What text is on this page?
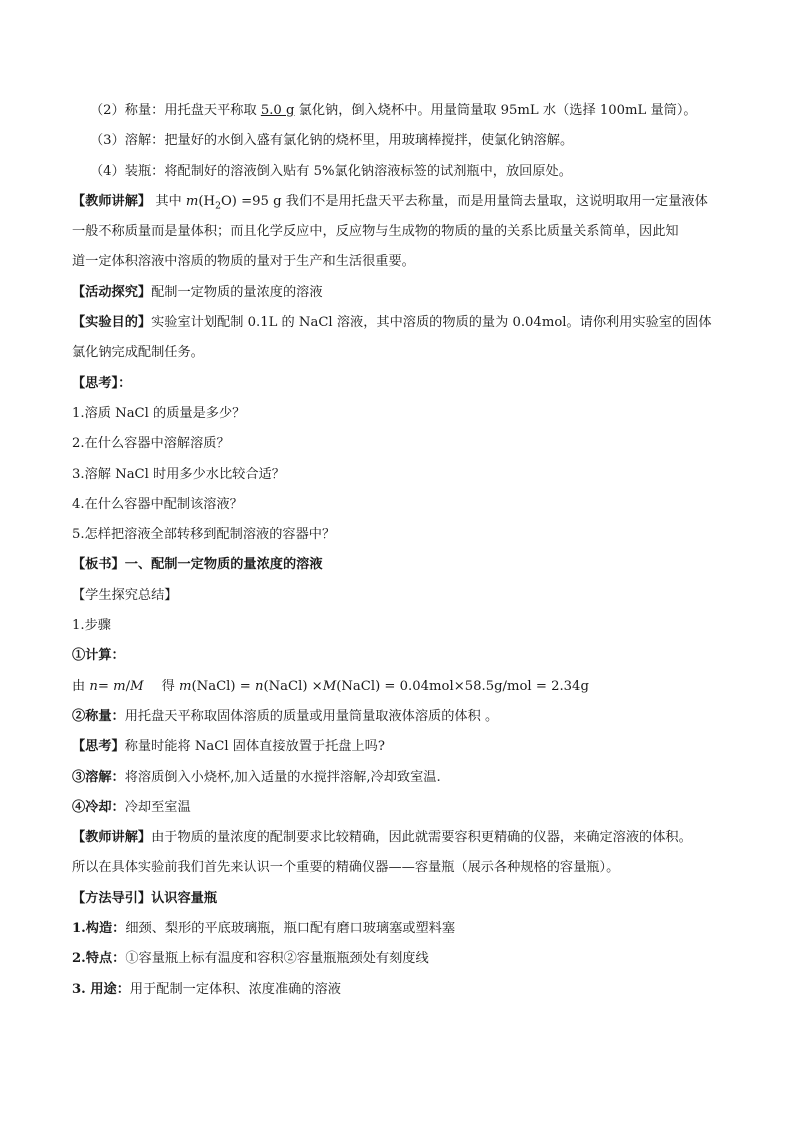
（2）称量：用托盘天平称取 5.0 g 氯化钠，倒入烧杯中。用量筒量取 95mL 水（选择 100mL 量筒）。
（3）溶解：把量好的水倒入盛有氯化钠的烧杯里，用玻璃棒搅拌，使氯化钠溶解。
（4）装瓶：将配制好的溶液倒入贴有 5%氯化钠溶液标签的试剂瓶中，放回原处。
【教师讲解】 其中 $m(H_2O) =95$ g 我们不是用托盘天平去称量，而是用量筒去量取，这说明取用一定量液体
一般不称质量而是量体积；而且化学反应中，反应物与生成物的物质的量的关系比质量关系简单，因此知
道一定体积溶液中溶质的物质的量对于生产和生活很重要。
【活动探究】配制一定物质的量浓度的溶液
【实验目的】实验室计划配制 0.1L 的 NaCl 溶液，其中溶质的物质的量为 0.04mol。请你利用实验室的固体
氯化钠完成配制任务。
【思考】：
1.溶质 NaCl 的质量是多少？
2.在什么容器中溶解溶质？
3.溶解 NaCl 时用多少水比较合适？
4.在什么容器中配制该溶液？
5.怎样把溶液全部转移到配制溶液的容器中？
【板书】一、配制一定物质的量浓度的溶液
【学生探究总结】
1.步骤
①计算：
由 n= m/M 得 m(NaCl) = n(NaCl) ×M(NaCl) = 0.04mol×58.5g/mol = 2.34g
②称量：用托盘天平称取固体溶质的质量或用量筒量取液体溶质的体积 。
【思考】称量时能将 NaCl 固体直接放置于托盘上吗?
③溶解：将溶质倒入小烧杯,加入适量的水搅拌溶解,冷却致室温.
④冷却：冷却至室温
【教师讲解】由于物质的量浓度的配制要求比较精确，因此就需要容积更精确的仪器，来确定溶液的体积。
所以在具体实验前我们首先来认识一个重要的精确仪器——容量瓶（展示各种规格的容量瓶）。
【方法导引】认识容量瓶
1.构造：细颈、梨形的平底玻璃瓶，瓶口配有磨口玻璃塞或塑料塞
2.特点：①容量瓶上标有温度和容积②容量瓶瓶颈处有刻度线
3. 用途：用于配制一定体积、浓度准确的溶液
